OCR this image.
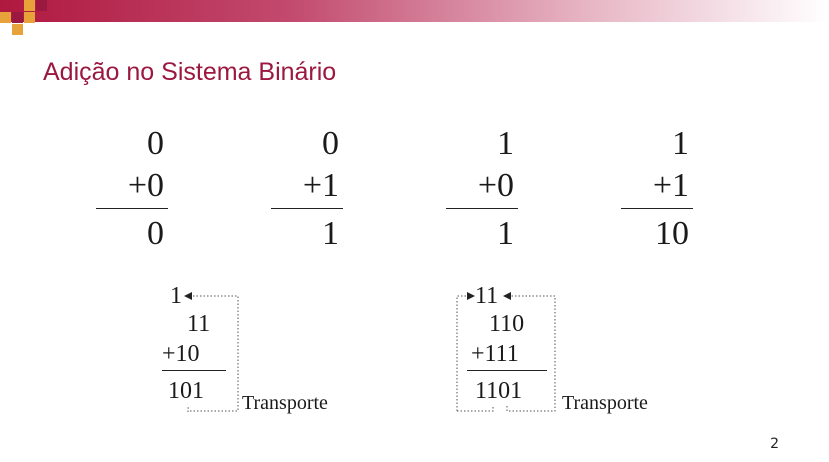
Adição no Sistema Binário
0
+0
0
0
+1
1
1
+0
1
1
+1
10
1
11
+10
101 Transporte
11
110
+111
1101 Transporte
2
